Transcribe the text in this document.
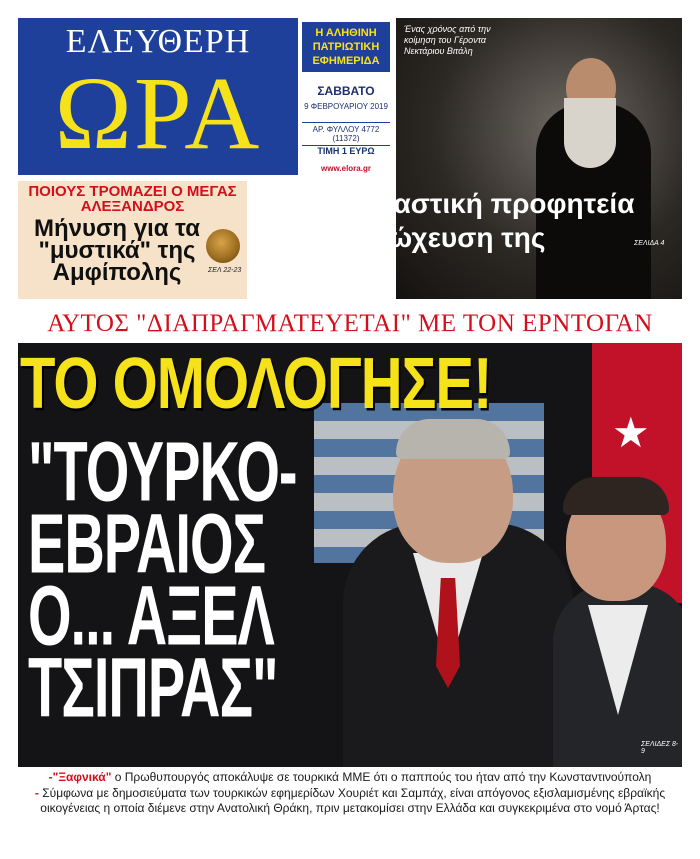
ΕΛΕΥΘΕΡΗ
ΩΡΑ
Η ΑΛΗΘΙΝΗ ΠΑΤΡΙΩΤΙΚΗ ΕΦΗΜΕΡΙΔΑ
ΣΑΒΒΑΤΟ
9 ΦΕΒΡΟΥΑΡΙΟΥ 2019
ΑΡ. ΦΥΛΛΟΥ 4772 (11372)
ΤΙΜΗ 1 ΕΥΡΩ
www.elora.gr
Ένας χρόνος από την κοίμηση του Γέροντα Νεκτάριου Βιτάλη
ΣΕΛΙΔΑ 4
ΠΟΙΟΥΣ ΤΡΟΜΑΖΕΙ Ο ΜΕΓΑΣ ΑΛΕΞΑΝΔΡΟΣ
Μήνυση για τα "μυστικά" της Αμφίπολης	ΣΕΛ 22-23
Η ανατριχιαστική προφητεία για την πτώχευση της Ελλάδας
ΑΥΤΟΣ "ΔΙΑΠΡΑΓΜΑΤΕΥΕΤΑΙ" ΜΕ ΤΟΝ ΕΡΝΤΟΓΑΝ
★
ΣΕΛΙΔΕΣ 8-9
ΤΟ ΟΜΟΛΟΓΗΣΕ!
"ΤΟΥΡΚΟ-
ΕΒΡΑΙΟΣ
Ο... ΑΞΕΛ
ΤΣΙΠΡΑΣ"
-"Ξαφνικά" ο Πρωθυπουργός αποκάλυψε σε τουρκικά ΜΜΕ ότι ο παππούς του ήταν από την Κωνσταντινούπολη
- Σύμφωνα με δημοσιεύματα των τουρκικών εφημερίδων Χουριέτ και Σαμπάχ, είναι απόγονος εξισλαμισμένης εβραϊκής οικογένειας η οποία διέμενε στην Ανατολική Θράκη, πριν μετακομίσει στην Ελλάδα και συγκεκριμένα στο νομό Άρτας!
